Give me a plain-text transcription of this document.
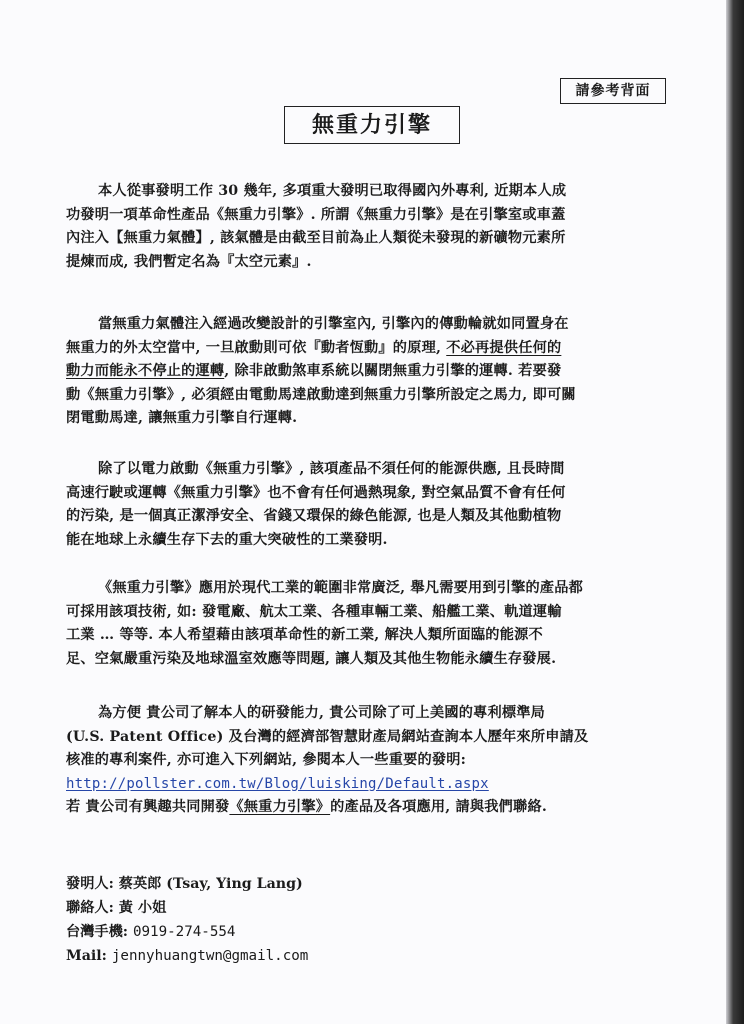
請參考背面
無重力引擎
本人從事發明工作 30 幾年, 多項重大發明已取得國內外專利, 近期本人成
功發明一項革命性產品《無重力引擎》. 所謂《無重力引擎》是在引擎室或車蓋
內注入【無重力氣體】, 該氣體是由截至目前為止人類從未發現的新礦物元素所
提煉而成, 我們暫定名為『太空元素』.
當無重力氣體注入經過改變設計的引擎室內, 引擎內的傳動輪就如同置身在
無重力的外太空當中, 一旦啟動則可依『動者恆動』的原理, 不必再提供任何的
動力而能永不停止的運轉, 除非啟動煞車系統以關閉無重力引擎的運轉. 若要發
動《無重力引擎》, 必須經由電動馬達啟動達到無重力引擎所設定之馬力, 即可關
閉電動馬達, 讓無重力引擎自行運轉.
除了以電力啟動《無重力引擎》, 該項產品不須任何的能源供應, 且長時間
高速行駛或運轉《無重力引擎》也不會有任何過熱現象, 對空氣品質不會有任何
的污染, 是一個真正潔淨安全、省錢又環保的綠色能源, 也是人類及其他動植物
能在地球上永續生存下去的重大突破性的工業發明.
《無重力引擎》應用於現代工業的範圍非常廣泛, 舉凡需要用到引擎的產品都
可採用該項技術, 如: 發電廠、航太工業、各種車輛工業、船艦工業、軌道運輸
工業 … 等等. 本人希望藉由該項革命性的新工業, 解決人類所面臨的能源不
足、空氣嚴重污染及地球溫室效應等問題, 讓人類及其他生物能永續生存發展.
為方便 貴公司了解本人的研發能力, 貴公司除了可上美國的專利標準局
(U.S. Patent Office) 及台灣的經濟部智慧財產局網站查詢本人歷年來所申請及
核准的專利案件, 亦可進入下列網站, 參閱本人一些重要的發明:
http://pollster.com.tw/Blog/luisking/Default.aspx
若 貴公司有興趣共同開發《無重力引擎》的產品及各項應用, 請與我們聯絡.
發明人: 蔡英郎 (Tsay, Ying Lang)
聯絡人: 黃 小姐
台灣手機: 0919-274-554
Mail: jennyhuangtwn@gmail.com
